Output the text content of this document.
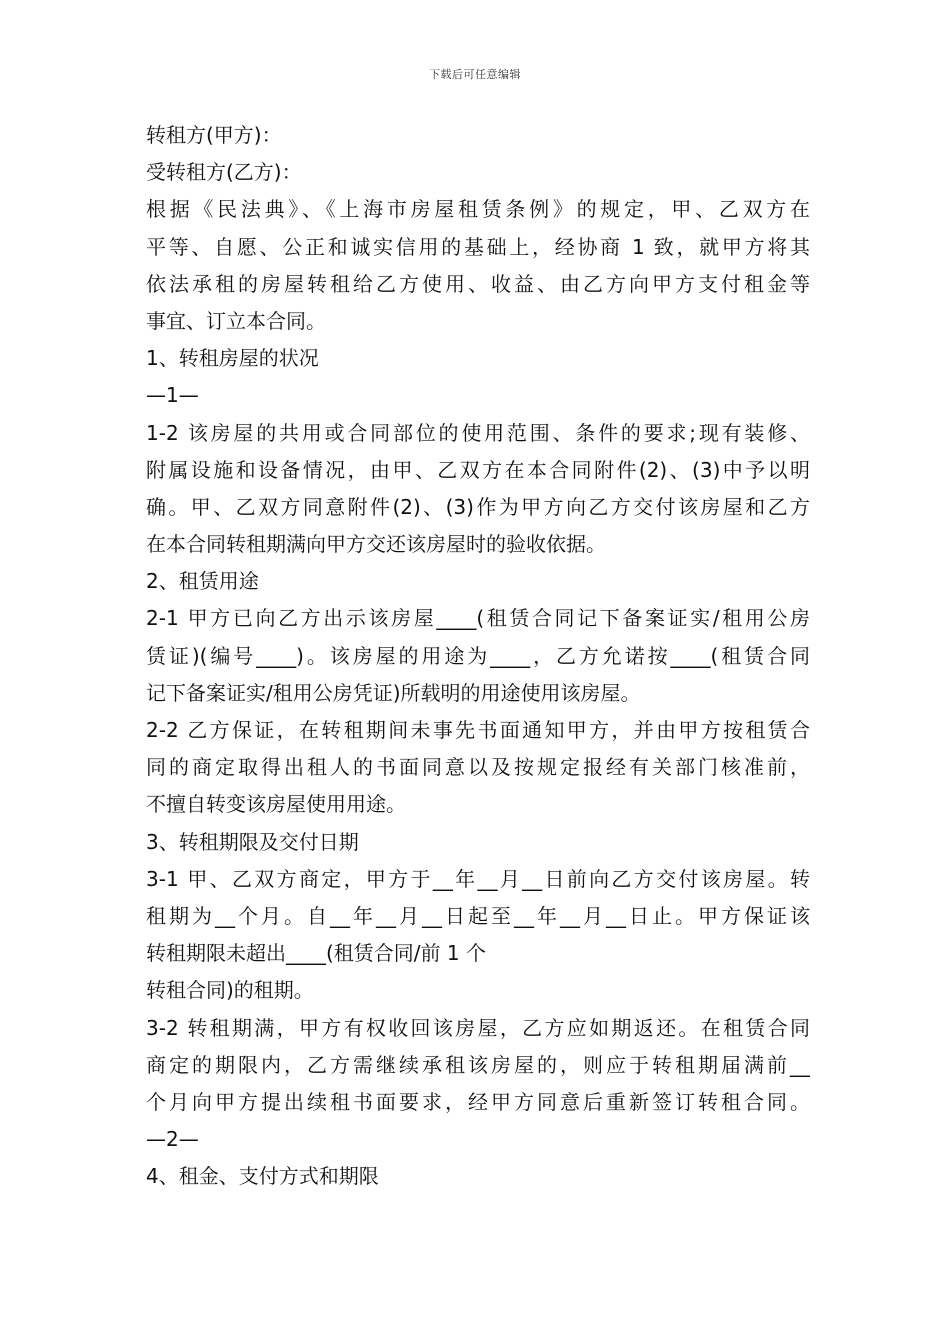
下载后可任意编辑
转租方(甲方)：
受转租方(乙方)：
根据《民法典》、《上海市房屋租赁条例》的规定，甲、乙双方在
平等、自愿、公正和诚实信用的基础上，经协商 1 致，就甲方将其
依法承租的房屋转租给乙方使用、收益、由乙方向甲方支付租金等
事宜、订立本合同。
1、转租房屋的状况
—1—
1-2 该房屋的共用或合同部位的使用范围、条件的要求;现有装修、
附属设施和设备情况，由甲、乙双方在本合同附件(2)、(3)中予以明
确。甲、乙双方同意附件(2)、(3)作为甲方向乙方交付该房屋和乙方
在本合同转租期满向甲方交还该房屋时的验收依据。
2、租赁用途
2-1 甲方已向乙方出示该房屋____(租赁合同记下备案证实/租用公房
赁证)(编号____)。该房屋的用途为____，乙方允诺按____(租赁合同
记下备案证实/租用公房凭证)所载明的用途使用该房屋。
2-2 乙方保证，在转租期间未事先书面通知甲方，并由甲方按租赁合
同的商定取得出租人的书面同意以及按规定报经有关部门核准前，
不擅自转变该房屋使用用途。
3、转租期限及交付日期
3-1 甲、乙双方商定，甲方于__年__月__日前向乙方交付该房屋。转
租期为__个月。自__年__月__日起至__年__月__日止。甲方保证该
转租期限未超出____(租赁合同/前 1 个
转租合同)的租期。
3-2 转租期满，甲方有权收回该房屋，乙方应如期返还。在租赁合同
商定的期限内，乙方需继续承租该房屋的，则应于转租期届满前__
个月向甲方提出续租书面要求，经甲方同意后重新签订转租合同。
—2—
4、租金、支付方式和期限
